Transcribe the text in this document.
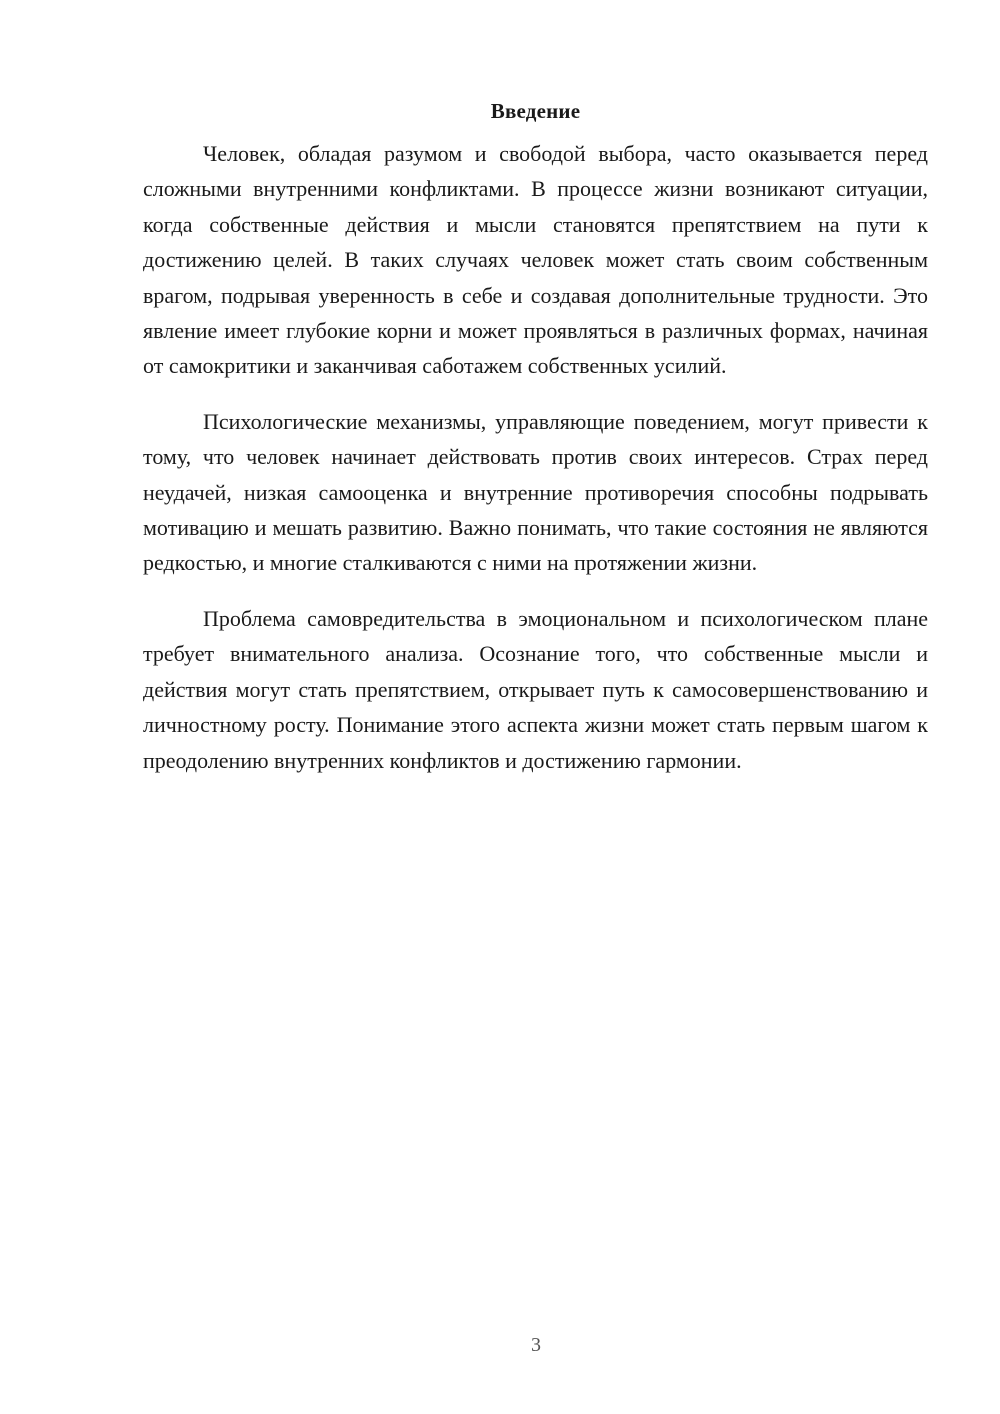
Введение

Человек, обладая разумом и свободой выбора, часто оказывается перед сложными внутренними конфликтами. В процессе жизни возникают ситуации, когда собственные действия и мысли становятся препятствием на пути к достижению целей. В таких случаях человек может стать своим собственным врагом, подрывая уверенность в себе и создавая дополнительные трудности. Это явление имеет глубокие корни и может проявляться в различных формах, начиная от самокритики и заканчивая саботажем собственных усилий.

Психологические механизмы, управляющие поведением, могут привести к тому, что человек начинает действовать против своих интересов. Страх перед неудачей, низкая самооценка и внутренние противоречия способны подрывать мотивацию и мешать развитию. Важно понимать, что такие состояния не являются редкостью, и многие сталкиваются с ними на протяжении жизни.

Проблема самовредительства в эмоциональном и психологическом плане требует внимательного анализа. Осознание того, что собственные мысли и действия могут стать препятствием, открывает путь к самосовершенствованию и личностному росту. Понимание этого аспекта жизни может стать первым шагом к преодолению внутренних конфликтов и достижению гармонии.

3
